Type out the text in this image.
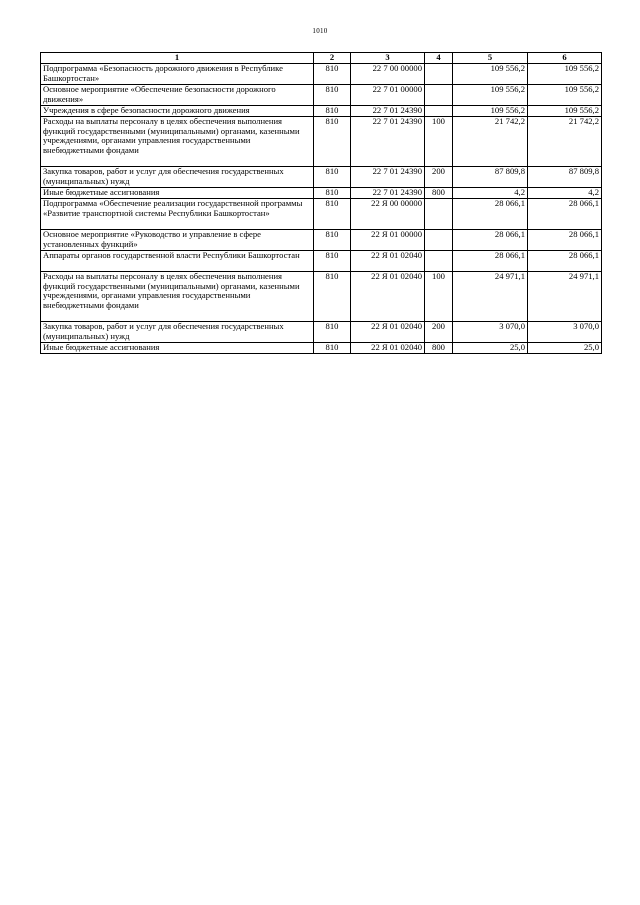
1010
1	2	3	4	5	6
Подпрограмма «Безопасность дорожного движения в Республике Башкортостан»	810	22 7 00 00000		109 556,2	109 556,2
Основное мероприятие «Обеспечение безопасности дорожного движения»	810	22 7 01 00000		109 556,2	109 556,2
Учреждения в сфере безопасности дорожного движения	810	22 7 01 24390		109 556,2	109 556,2
Расходы на выплаты персоналу в целях обеспечения выполнения функций государственными (муниципальными) органами, казенными учреждениями, органами управления государственными внебюджетными фондами	810	22 7 01 24390	100	21 742,2	21 742,2
Закупка товаров, работ и услуг для обеспечения государственных (муниципальных) нужд	810	22 7 01 24390	200	87 809,8	87 809,8
Иные бюджетные ассигнования	810	22 7 01 24390	800	4,2	4,2
Подпрограмма «Обеспечение реализации государственной программы «Развитие транспортной системы Республики Башкортостан»	810	22 Я 00 00000		28 066,1	28 066,1
Основное мероприятие «Руководство и управление в сфере установленных функций»	810	22 Я 01 00000		28 066,1	28 066,1
Аппараты органов государственной власти Республики Башкортостан	810	22 Я 01 02040		28 066,1	28 066,1
Расходы на выплаты персоналу в целях обеспечения выполнения функций государственными (муниципальными) органами, казенными учреждениями, органами управления государственными внебюджетными фондами	810	22 Я 01 02040	100	24 971,1	24 971,1
Закупка товаров, работ и услуг для обеспечения государственных (муниципальных) нужд	810	22 Я 01 02040	200	3 070,0	3 070,0
Иные бюджетные ассигнования	810	22 Я 01 02040	800	25,0	25,0
